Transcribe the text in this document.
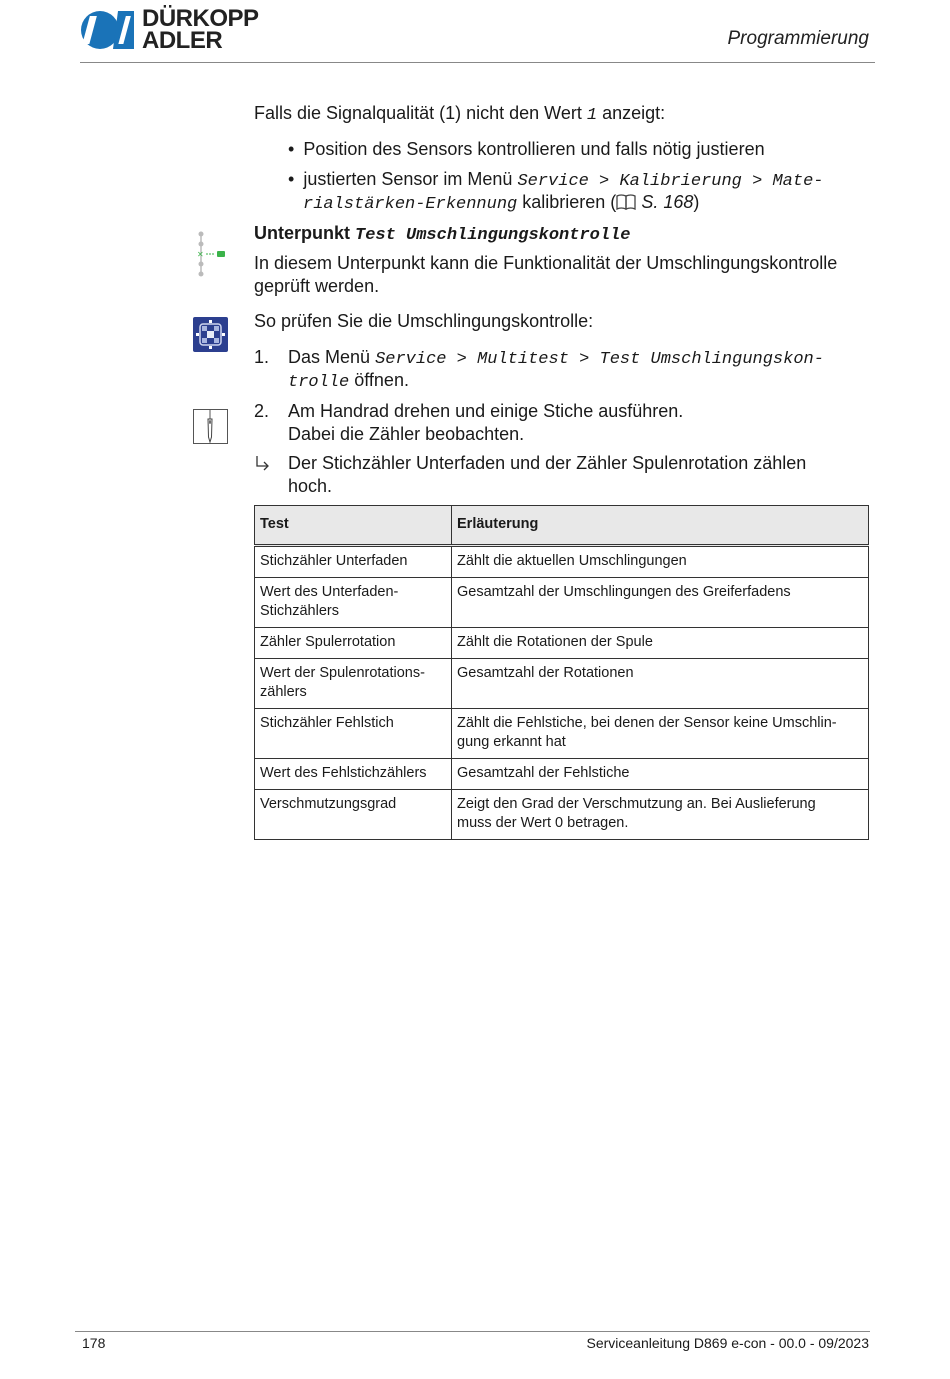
DÜRKOPP
ADLER	Programmierung
Falls die Signalqualität (1) nicht den Wert 1 anzeigt:
• Position des Sensors kontrollieren und falls nötig justieren
• justierten Sensor im Menü Service > Kalibrierung > Mate-
rialstärken-Erkennung kalibrieren ( S. 168)
✕
Unterpunkt Test Umschlingungskontrolle
In diesem Unterpunkt kann die Funktionalität der Umschlingungskontrolle
geprüft werden.
So prüfen Sie die Umschlingungskontrolle:
1. Das Menü Service > Multitest > Test Umschlingungskon-
trolle öffnen.
2. Am Handrad drehen und einige Stiche ausführen.
Dabei die Zähler beobachten.
Der Stichzähler Unterfaden und der Zähler Spulenrotation zählen
hoch.
Test	Erläuterung
Stichzähler Unterfaden	Zählt die aktuellen Umschlingungen
Wert des Unterfaden-
Stichzählers	Gesamtzahl der Umschlingungen des Greiferfadens
Zähler Spulerrotation	Zählt die Rotationen der Spule
Wert der Spulenrotations-
zählers	Gesamtzahl der Rotationen
Stichzähler Fehlstich	Zählt die Fehlstiche, bei denen der Sensor keine Umschlin-
gung erkannt hat
Wert des Fehlstichzählers	Gesamtzahl der Fehlstiche
Verschmutzungsgrad	Zeigt den Grad der Verschmutzung an. Bei Auslieferung
muss der Wert 0 betragen.
178	Serviceanleitung D869 e-con - 00.0 - 09/2023
